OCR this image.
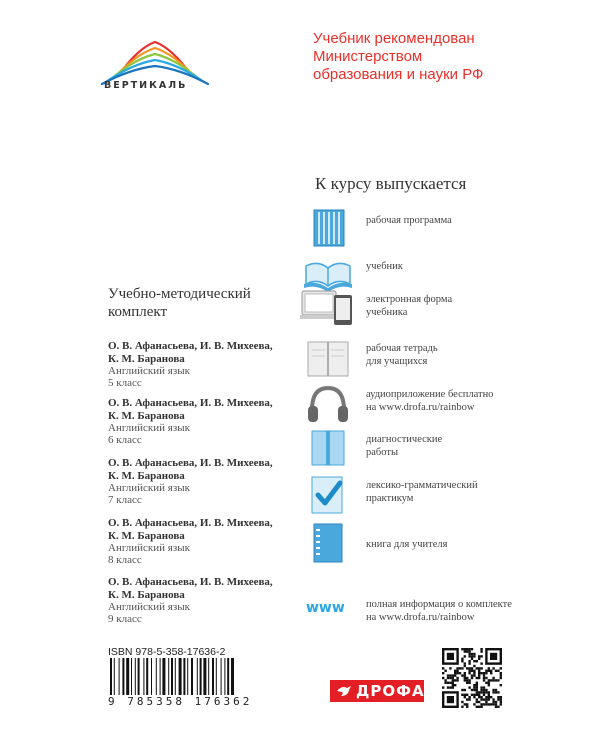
ВЕРТИКАЛЬ
Учебник рекомендован
Министерством
образования и науки РФ
К курсу выпускается
рабочая программа
учебник
электронная форма
учебника
рабочая тетрадь
для учащихся
аудиоприложение бесплатно
на www.drofa.ru/rainbow
диагностические
работы
лексико-грамматический
практикум
книга для учителя
www полная информация о комплекте
на www.drofa.ru/rainbow
Учебно-методический
комплект
О. В. Афанасьева, И. В. Михеева,
К. М. Баранова
Английский язык
5 класс
О. В. Афанасьева, И. В. Михеева,
К. М. Баранова
Английский язык
6 класс
О. В. Афанасьева, И. В. Михеева,
К. М. Баранова
Английский язык
7 класс
О. В. Афанасьева, И. В. Михеева,
К. М. Баранова
Английский язык
8 класс
О. В. Афанасьева, И. В. Михеева,
К. М. Баранова
Английский язык
9 класс
ISBN 978-5-358-17636-2
9 785358 176362
ДРОФА
